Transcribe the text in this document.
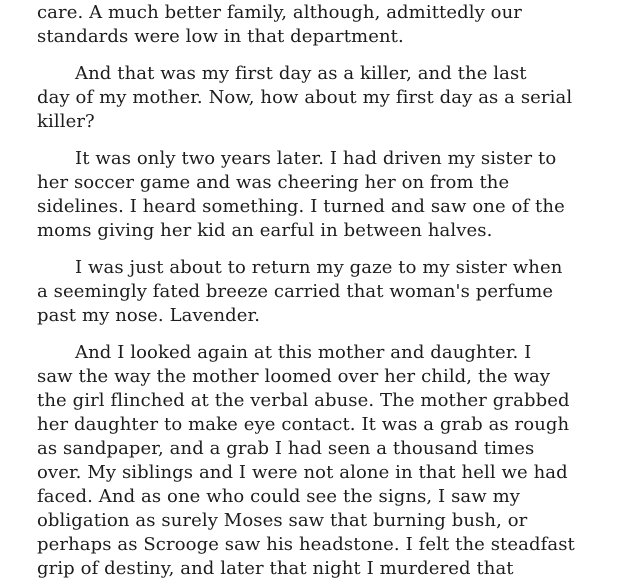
care. A much better family, although, admittedly our
standards were low in that department.

And that was my first day as a killer, and the last
day of my mother. Now, how about my first day as a serial
killer?

It was only two years later. I had driven my sister to
her soccer game and was cheering her on from the
sidelines. I heard something. I turned and saw one of the
moms giving her kid an earful in between halves.

I was just about to return my gaze to my sister when
a seemingly fated breeze carried that woman's perfume
past my nose. Lavender.

And I looked again at this mother and daughter. I
saw the way the mother loomed over her child, the way
the girl flinched at the verbal abuse. The mother grabbed
her daughter to make eye contact. It was a grab as rough
as sandpaper, and a grab I had seen a thousand times
over. My siblings and I were not alone in that hell we had
faced. And as one who could see the signs, I saw my
obligation as surely Moses saw that burning bush, or
perhaps as Scrooge saw his headstone. I felt the steadfast
grip of destiny, and later that night I murdered that
